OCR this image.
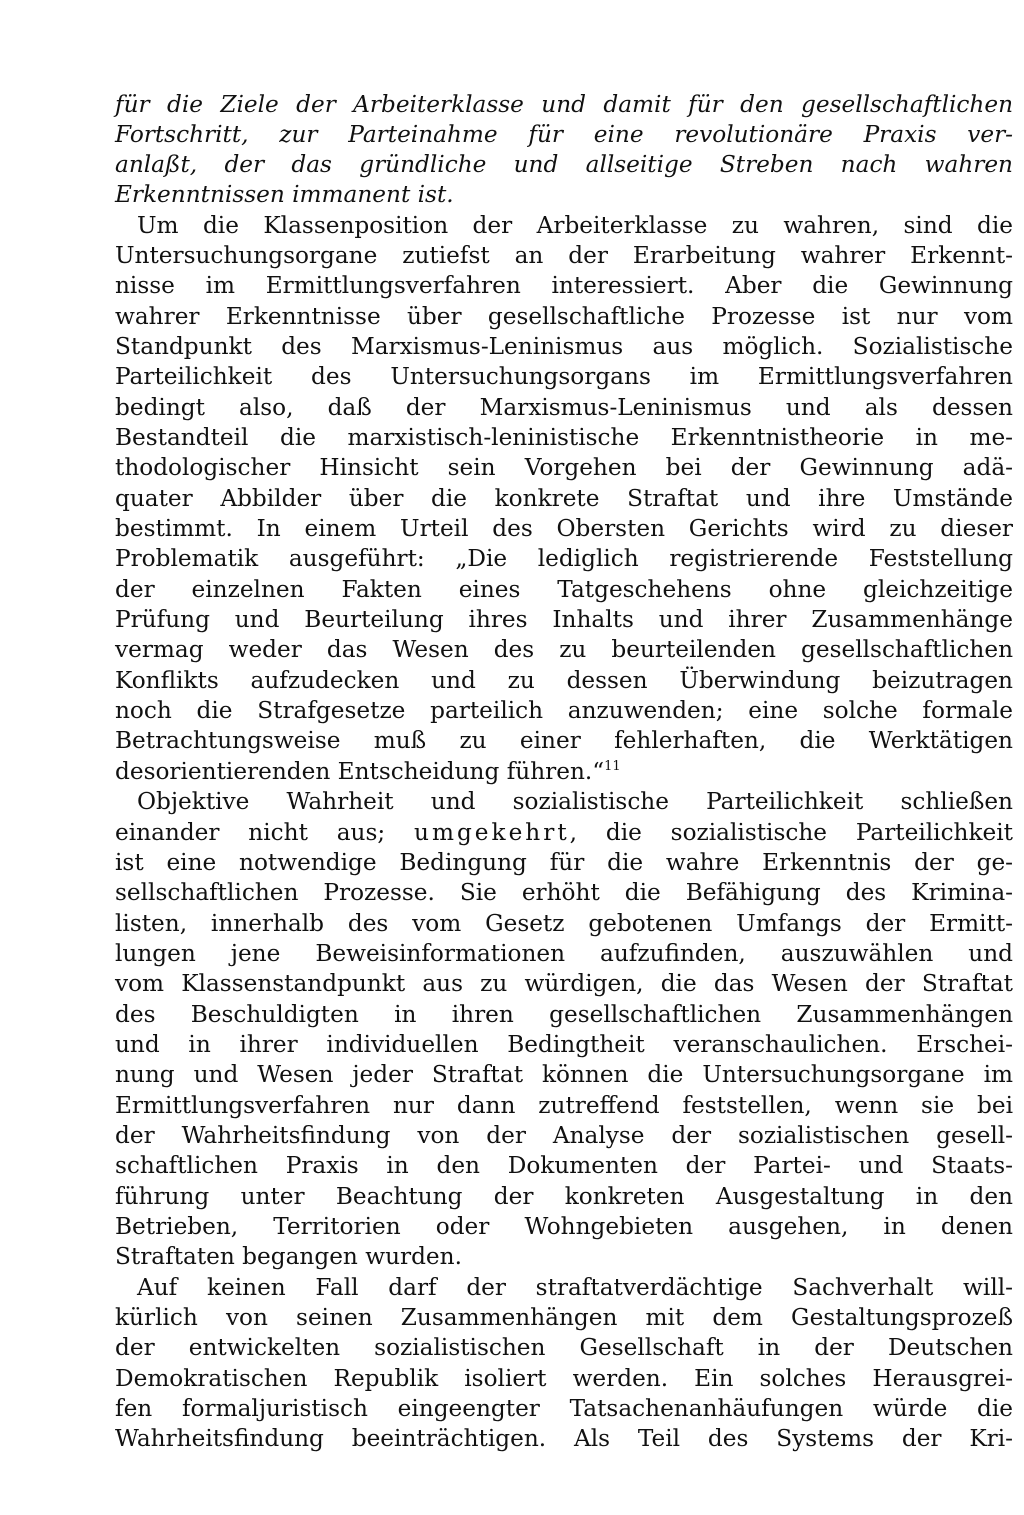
für die Ziele der Arbeiterklasse und damit für den gesellschaftlichen
Fortschritt, zur Parteinahme für eine revolutionäre Praxis ver-
anlaßt, der das gründliche und allseitige Streben nach wahren
Erkenntnissen immanent ist.
Um die Klassenposition der Arbeiterklasse zu wahren, sind die
Untersuchungsorgane zutiefst an der Erarbeitung wahrer Erkennt-
nisse im Ermittlungsverfahren interessiert. Aber die Gewinnung
wahrer Erkenntnisse über gesellschaftliche Prozesse ist nur vom
Standpunkt des Marxismus-Leninismus aus möglich. Sozialistische
Parteilichkeit des Untersuchungsorgans im Ermittlungsverfahren
bedingt also, daß der Marxismus-Leninismus und als dessen
Bestandteil die marxistisch-leninistische Erkenntnistheorie in me-
thodologischer Hinsicht sein Vorgehen bei der Gewinnung adä-
quater Abbilder über die konkrete Straftat und ihre Umstände
bestimmt. In einem Urteil des Obersten Gerichts wird zu dieser
Problematik ausgeführt: „Die lediglich registrierende Feststellung
der einzelnen Fakten eines Tatgeschehens ohne gleichzeitige
Prüfung und Beurteilung ihres Inhalts und ihrer Zusammenhänge
vermag weder das Wesen des zu beurteilenden gesellschaftlichen
Konflikts aufzudecken und zu dessen Überwindung beizutragen
noch die Strafgesetze parteilich anzuwenden; eine solche formale
Betrachtungsweise muß zu einer fehlerhaften, die Werktätigen
desorientierenden Entscheidung führen.“$^{11}$
Objektive Wahrheit und sozialistische Parteilichkeit schließen
einander nicht aus; umgekehrt, die sozialistische Parteilichkeit
ist eine notwendige Bedingung für die wahre Erkenntnis der ge-
sellschaftlichen Prozesse. Sie erhöht die Befähigung des Krimina-
listen, innerhalb des vom Gesetz gebotenen Umfangs der Ermitt-
lungen jene Beweisinformationen aufzufinden, auszuwählen und
vom Klassenstandpunkt aus zu würdigen, die das Wesen der Straftat
des Beschuldigten in ihren gesellschaftlichen Zusammenhängen
und in ihrer individuellen Bedingtheit veranschaulichen. Erschei-
nung und Wesen jeder Straftat können die Untersuchungsorgane im
Ermittlungsverfahren nur dann zutreffend feststellen, wenn sie bei
der Wahrheitsfindung von der Analyse der sozialistischen gesell-
schaftlichen Praxis in den Dokumenten der Partei- und Staats-
führung unter Beachtung der konkreten Ausgestaltung in den
Betrieben, Territorien oder Wohngebieten ausgehen, in denen
Straftaten begangen wurden.
Auf keinen Fall darf der straftatverdächtige Sachverhalt will-
kürlich von seinen Zusammenhängen mit dem Gestaltungsprozeß
der entwickelten sozialistischen Gesellschaft in der Deutschen
Demokratischen Republik isoliert werden. Ein solches Herausgrei-
fen formaljuristisch eingeengter Tatsachenanhäufungen würde die
Wahrheitsfindung beeinträchtigen. Als Teil des Systems der Kri-
